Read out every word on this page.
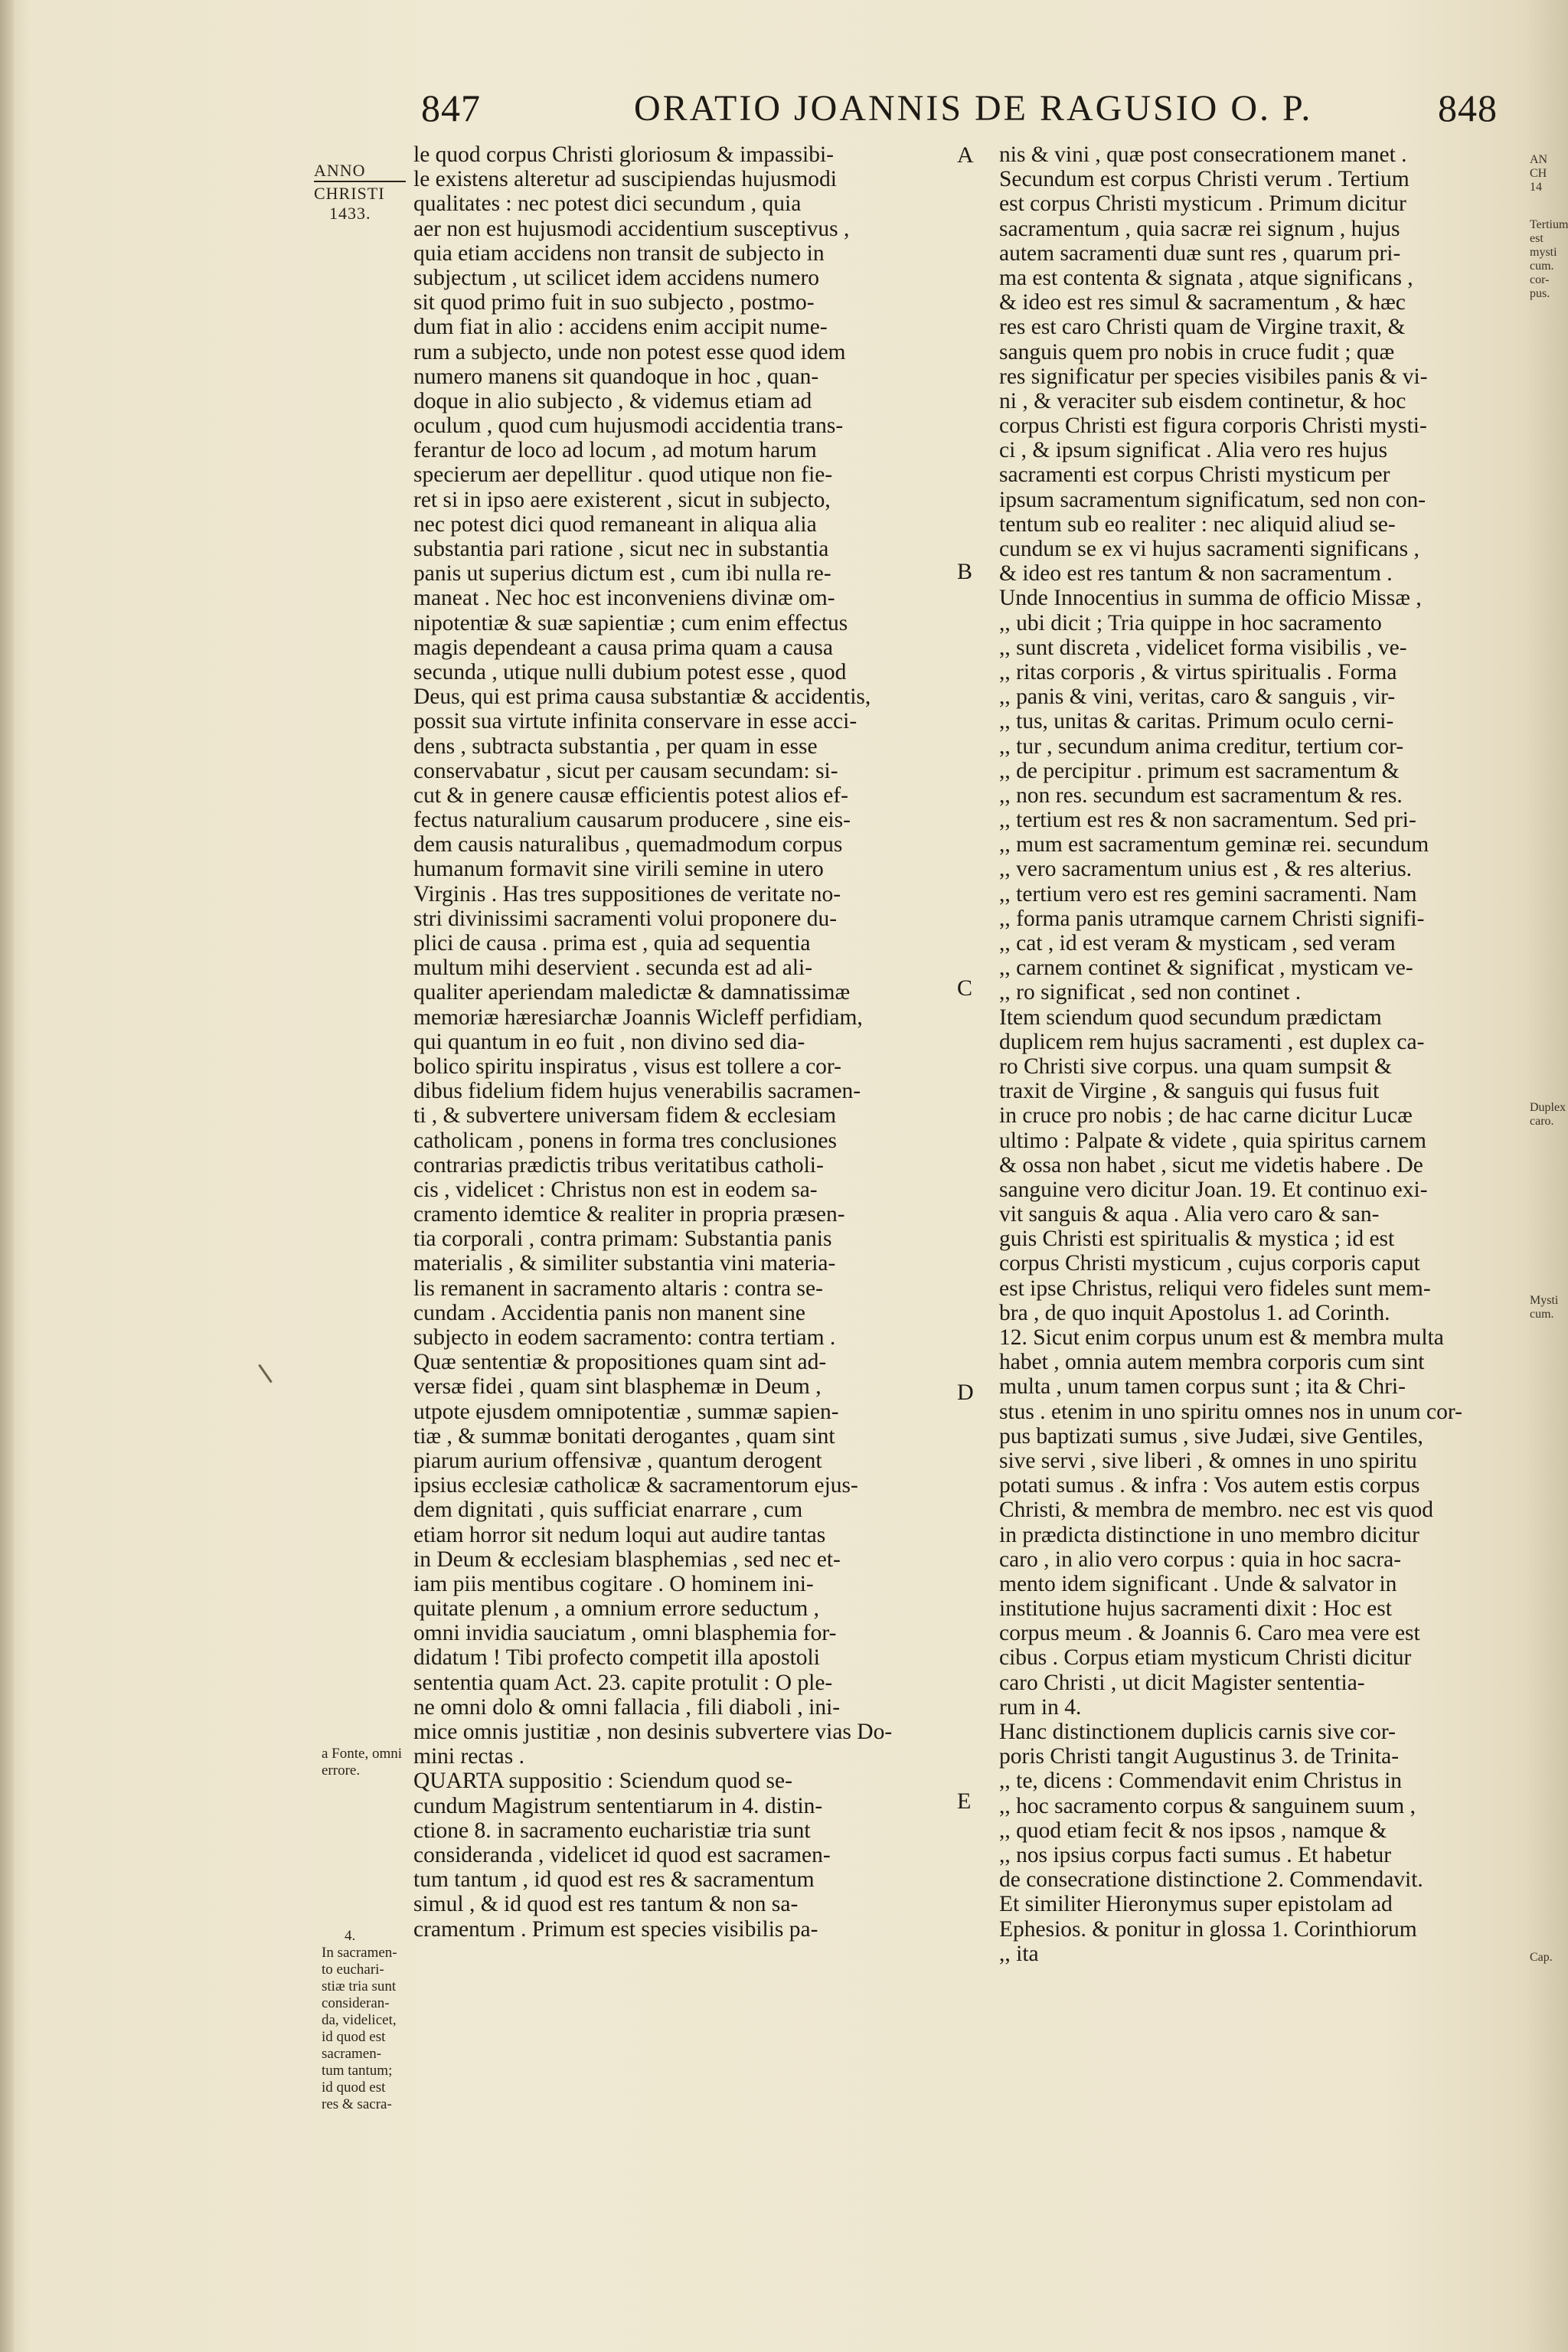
847	ORATIO JOANNIS DE RAGUSIO O. P.	848
ANNO
CHRISTI
1433.
a Fonte, omni
errore.
4.
In sacramen-
to euchari-
stiæ tria sunt
consideran-
da, videlicet,
id quod est
sacramen-
tum tantum;
id quod est
res & sacra-
A
B
C
D
E
le quod corpus Christi gloriosum & impassibi-
le existens alteretur ad suscipiendas hujusmodi
qualitates : nec potest dici secundum , quia
aer non est hujusmodi accidentium susceptivus ,
quia etiam accidens non transit de subjecto in
subjectum , ut scilicet idem accidens numero
sit quod primo fuit in suo subjecto , postmo-
dum fiat in alio : accidens enim accipit nume-
rum a subjecto, unde non potest esse quod idem
numero manens sit quandoque in hoc , quan-
doque in alio subjecto , & videmus etiam ad
oculum , quod cum hujusmodi accidentia trans-
ferantur de loco ad locum , ad motum harum
specierum aer depellitur . quod utique non fie-
ret si in ipso aere existerent , sicut in subjecto,
nec potest dici quod remaneant in aliqua alia
substantia pari ratione , sicut nec in substantia
panis ut superius dictum est , cum ibi nulla re-
maneat . Nec hoc est inconveniens divinæ om-
nipotentiæ & suæ sapientiæ ; cum enim effectus
magis dependeant a causa prima quam a causa
secunda , utique nulli dubium potest esse , quod
Deus, qui est prima causa substantiæ & accidentis,
possit sua virtute infinita conservare in esse acci-
dens , subtracta substantia , per quam in esse
conservabatur , sicut per causam secundam: si-
cut & in genere causæ efficientis potest alios ef-
fectus naturalium causarum producere , sine eis-
dem causis naturalibus , quemadmodum corpus
humanum formavit sine virili semine in utero
Virginis . Has tres suppositiones de veritate no-
stri divinissimi sacramenti volui proponere du-
plici de causa . prima est , quia ad sequentia
multum mihi deservient . secunda est ad ali-
qualiter aperiendam maledictæ & damnatissimæ
memoriæ hæresiarchæ Joannis Wicleff perfidiam,
qui quantum in eo fuit , non divino sed dia-
bolico spiritu inspiratus , visus est tollere a cor-
dibus fidelium fidem hujus venerabilis sacramen-
ti , & subvertere universam fidem & ecclesiam
catholicam , ponens in forma tres conclusiones
contrarias prædictis tribus veritatibus catholi-
cis , videlicet : Christus non est in eodem sa-
cramento idemtice & realiter in propria præsen-
tia corporali , contra primam: Substantia panis
materialis , & similiter substantia vini materia-
lis remanent in sacramento altaris : contra se-
cundam . Accidentia panis non manent sine
subjecto in eodem sacramento: contra tertiam .
Quæ sententiæ & propositiones quam sint ad-
versæ fidei , quam sint blasphemæ in Deum ,
utpote ejusdem omnipotentiæ , summæ sapien-
tiæ , & summæ bonitati derogantes , quam sint
piarum aurium offensivæ , quantum derogent
ipsius ecclesiæ catholicæ & sacramentorum ejus-
dem dignitati , quis sufficiat enarrare , cum
etiam horror sit nedum loqui aut audire tantas
in Deum & ecclesiam blasphemias , sed nec et-
iam piis mentibus cogitare . O hominem ini-
quitate plenum , a omnium errore seductum ,
omni invidia sauciatum , omni blasphemia for-
didatum ! Tibi profecto competit illa apostoli
sententia quam Act. 23. capite protulit : O ple-
ne omni dolo & omni fallacia , fili diaboli , ini-
mice omnis justitiæ , non desinis subvertere vias Do-
mini rectas .
QUARTA suppositio : Sciendum quod se-
cundum Magistrum sententiarum in 4. distin-
ctione 8. in sacramento eucharistiæ tria sunt
consideranda , videlicet id quod est sacramen-
tum tantum , id quod est res & sacramentum
simul , & id quod est res tantum & non sa-
cramentum . Primum est species visibilis pa-
nis & vini , quæ post consecrationem manet .
Secundum est corpus Christi verum . Tertium
est corpus Christi mysticum . Primum dicitur
sacramentum , quia sacræ rei signum , hujus
autem sacramenti duæ sunt res , quarum pri-
ma est contenta & signata , atque significans ,
& ideo est res simul & sacramentum , & hæc
res est caro Christi quam de Virgine traxit, &
sanguis quem pro nobis in cruce fudit ; quæ
res significatur per species visibiles panis & vi-
ni , & veraciter sub eisdem continetur, & hoc
corpus Christi est figura corporis Christi mysti-
ci , & ipsum significat . Alia vero res hujus
sacramenti est corpus Christi mysticum per
ipsum sacramentum significatum, sed non con-
tentum sub eo realiter : nec aliquid aliud se-
cundum se ex vi hujus sacramenti significans ,
& ideo est res tantum & non sacramentum .
Unde Innocentius in summa de officio Missæ ,
,, ubi dicit ; Tria quippe in hoc sacramento
,, sunt discreta , videlicet forma visibilis , ve-
,, ritas corporis , & virtus spiritualis . Forma
,, panis & vini, veritas, caro & sanguis , vir-
,, tus, unitas & caritas. Primum oculo cerni-
,, tur , secundum anima creditur, tertium cor-
,, de percipitur . primum est sacramentum &
,, non res. secundum est sacramentum & res.
,, tertium est res & non sacramentum. Sed pri-
,, mum est sacramentum geminæ rei. secundum
,, vero sacramentum unius est , & res alterius.
,, tertium vero est res gemini sacramenti. Nam
,, forma panis utramque carnem Christi signifi-
,, cat , id est veram & mysticam , sed veram
,, carnem continet & significat , mysticam ve-
,, ro significat , sed non continet .
Item sciendum quod secundum prædictam
duplicem rem hujus sacramenti , est duplex ca-
ro Christi sive corpus. una quam sumpsit &
traxit de Virgine , & sanguis qui fusus fuit
in cruce pro nobis ; de hac carne dicitur Lucæ
ultimo : Palpate & videte , quia spiritus carnem
& ossa non habet , sicut me videtis habere . De
sanguine vero dicitur Joan. 19. Et continuo exi-
vit sanguis & aqua . Alia vero caro & san-
guis Christi est spiritualis & mystica ; id est
corpus Christi mysticum , cujus corporis caput
est ipse Christus, reliqui vero fideles sunt mem-
bra , de quo inquit Apostolus 1. ad Corinth.
12. Sicut enim corpus unum est & membra multa
habet , omnia autem membra corporis cum sint
multa , unum tamen corpus sunt ; ita & Chri-
stus . etenim in uno spiritu omnes nos in unum cor-
pus baptizati sumus , sive Judæi, sive Gentiles,
sive servi , sive liberi , & omnes in uno spiritu
potati sumus . & infra : Vos autem estis corpus
Christi, & membra de membro. nec est vis quod
in prædicta distinctione in uno membro dicitur
caro , in alio vero corpus : quia in hoc sacra-
mento idem significant . Unde & salvator in
institutione hujus sacramenti dixit : Hoc est
corpus meum . & Joannis 6. Caro mea vere est
cibus . Corpus etiam mysticum Christi dicitur
caro Christi , ut dicit Magister sententia-
rum in 4.
Hanc distinctionem duplicis carnis sive cor-
poris Christi tangit Augustinus 3. de Trinita-
,, te, dicens : Commendavit enim Christus in
,, hoc sacramento corpus & sanguinem suum ,
,, quod etiam fecit & nos ipsos , namque &
,, nos ipsius corpus facti sumus . Et habetur
de consecratione distinctione 2. Commendavit.
Et similiter Hieronymus super epistolam ad
Ephesios. & ponitur in glossa 1. Corinthiorum
,, ita
AN
CH
14
Tertium
est
mysti
cum.
cor-
pus.
Duplex
caro.
Mysti
cum.
Cap.
